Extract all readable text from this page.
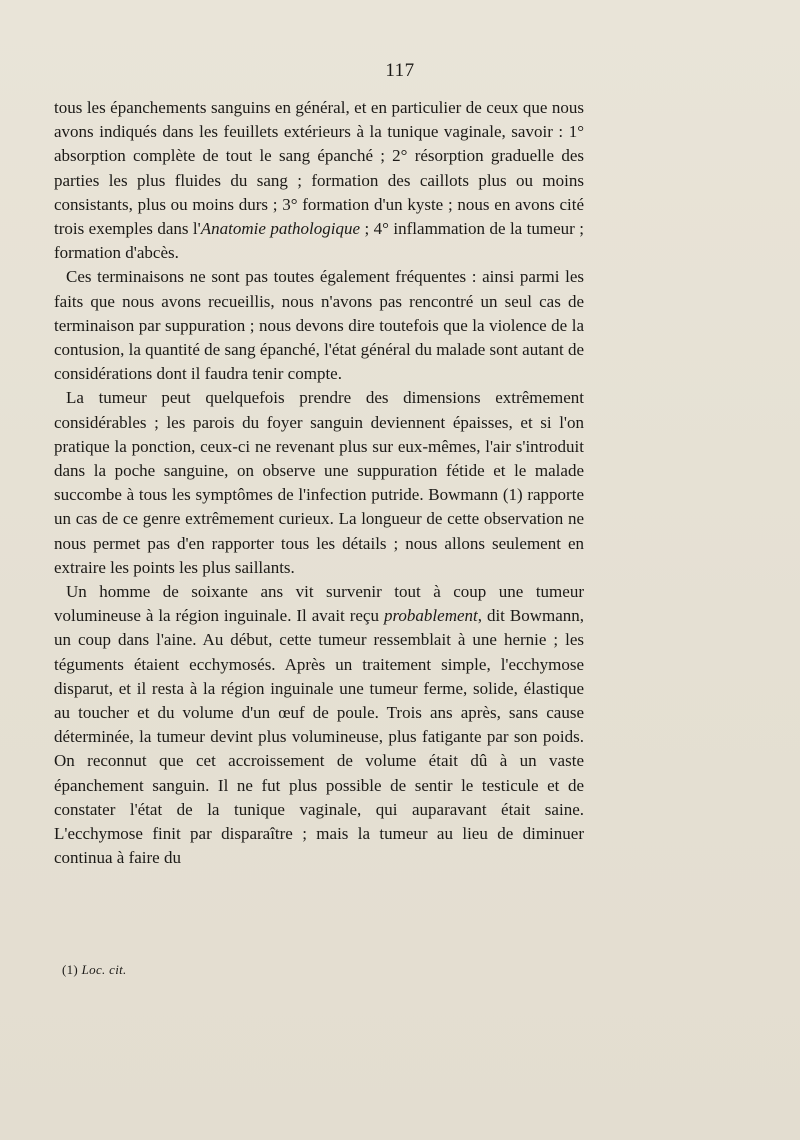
117

tous les épanchements sanguins en général, et en particulier de ceux que nous avons indiqués dans les feuillets extérieurs à la tunique vaginale, savoir : 1° absorption complète de tout le sang épanché ; 2° résorption graduelle des parties les plus fluides du sang ; formation des caillots plus ou moins consistants, plus ou moins durs ; 3° formation d'un kyste ; nous en avons cité trois exemples dans l'Anatomie pathologique ; 4° inflammation de la tumeur ; formation d'abcès.

Ces terminaisons ne sont pas toutes également fréquentes : ainsi parmi les faits que nous avons recueillis, nous n'avons pas rencontré un seul cas de terminaison par suppuration ; nous devons dire toutefois que la violence de la contusion, la quantité de sang épanché, l'état général du malade sont autant de considérations dont il faudra tenir compte.

La tumeur peut quelquefois prendre des dimensions extrêmement considérables ; les parois du foyer sanguin deviennent épaisses, et si l'on pratique la ponction, ceux-ci ne revenant plus sur eux-mêmes, l'air s'introduit dans la poche sanguine, on observe une suppuration fétide et le malade succombe à tous les symptômes de l'infection putride. Bowmann (1) rapporte un cas de ce genre extrêmement curieux. La longueur de cette observation ne nous permet pas d'en rapporter tous les détails ; nous allons seulement en extraire les points les plus saillants.

Un homme de soixante ans vit survenir tout à coup une tumeur volumineuse à la région inguinale. Il avait reçu probablement, dit Bowmann, un coup dans l'aine. Au début, cette tumeur ressemblait à une hernie ; les téguments étaient ecchymosés. Après un traitement simple, l'ecchymose disparut, et il resta à la région inguinale une tumeur ferme, solide, élastique au toucher et du volume d'un œuf de poule. Trois ans après, sans cause déterminée, la tumeur devint plus volumineuse, plus fatigante par son poids. On reconnut que cet accroissement de volume était dû à un vaste épanchement sanguin. Il ne fut plus possible de sentir le testicule et de constater l'état de la tunique vaginale, qui auparavant était saine. L'ecchymose finit par disparaître ; mais la tumeur au lieu de diminuer continua à faire du

(1) Loc. cit.
